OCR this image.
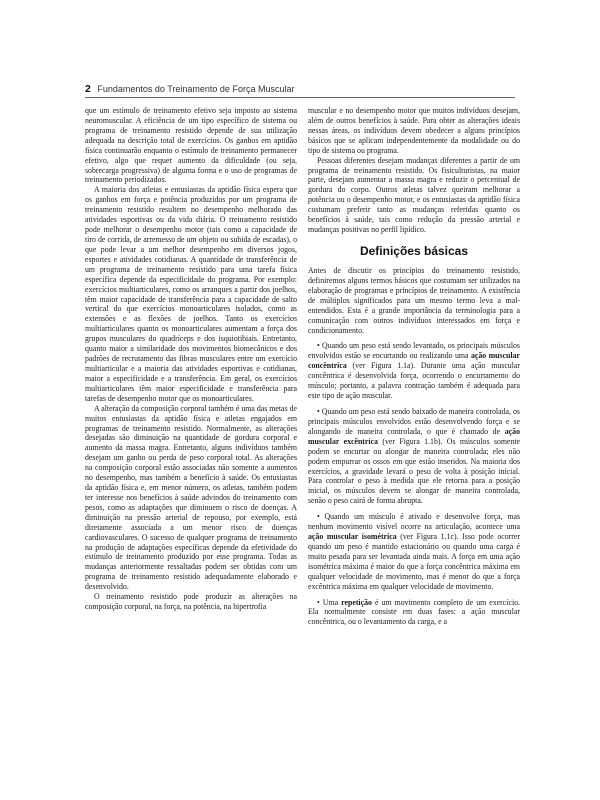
2 Fundamentos do Treinamento de Força Muscular

que um estímulo de treinamento efetivo seja imposto ao sistema neuromuscular. A eficiência de um tipo específico de sistema ou programa de treinamento resistido depende de sua utilização adequada na descrição total de exercícios. Os ganhos em aptidão física continuarão enquanto o estímulo de treinamento permanecer efetivo, algo que requer aumento da dificuldade (ou seja, sobrecarga progressiva) de alguma forma e o uso de programas de treinamento periodizados.

A maioria dos atletas e entusiastas da aptidão física espera que os ganhos em força e potência produzidos por um programa de treinamento resistido resultem no desempenho melhorado das atividades esportivas ou da vida diária. O treinamento resistido pode melhorar o desempenho motor (tais como a capacidade de tiro de corrida, de arremesso de um objeto ou subida de escadas), o que pode levar a um melhor desempenho em diversos jogos, esportes e atividades cotidianas. A quantidade de transferência de um programa de treinamento resistido para uma tarefa física específica depende da especificidade do programa. Por exemplo: exercícios multiarticulares, como os arranques a partir dos joelhos, têm maior capacidade de transferência para a capacidade de salto vertical do que exercícios monoarticulares isolados, como as extensões e as flexões de joelhos. Tanto os exercícios multiarticulares quanto os monoarticulares aumentam a força dos grupos musculares do quadríceps e dos isquiotibiais. Entretanto, quanto maior a similaridade dos movimentos biomecânicos e dos padrões de recrutamento das fibras musculares entre um exercício multiarticular e a maioria das atividades esportivas e cotidianas, maior a especificidade e a transferência. Em geral, os exercícios multiarticulares têm maior especificidade e transferência para tarefas de desempenho motor que os monoarticulares.

A alteração da composição corporal também é uma das metas de muitos entusiastas da aptidão física e atletas engajados em programas de treinamento resistido. Normalmente, as alterações desejadas são diminuição na quantidade de gordura corporal e aumento da massa magra. Entretanto, alguns indivíduos também desejam um ganho ou perda de peso corporal total. As alterações na composição corporal estão associadas não somente a aumentos no desempenho, mas também a benefício à saúde. Os entusiastas da aptidão física e, em menor número, os atletas, também podem ter interesse nos benefícios à saúde advindos do treinamento com pesos, como as adaptações que diminuem o risco de doenças. A diminuição na pressão arterial de repouso, por exemplo, está diretamente associada a um menor risco de doenças cardiovasculares. O sucesso de qualquer programa de treinamento na produção de adaptações específicas depende da efetividade do estímulo de treinamento produzido por esse programa. Todas as mudanças anteriormente ressaltadas podem ser obtidas com um programa de treinamento resistido adequadamente elaborado e desenvolvido.

O treinamento resistido pode produzir as alterações na composição corporal, na força, na potência, na hipertrofia

muscular e no desempenho motor que muitos indivíduos desejam, além de outros benefícios à saúde. Para obter as alterações ideais nessas áreas, os indivíduos devem obedecer a alguns princípios básicos que se aplicam independentemente da modalidade ou do tipo de sistema ou programa.

Pessoas diferentes desejam mudanças diferentes a partir de um programa de treinamento resistido. Os fisiculturistas, na maior parte, desejam aumentar a massa magra e reduzir o percentual de gordura do corpo. Outros atletas talvez queiram melhorar a potência ou o desempenho motor, e os entusiastas da aptidão física costumam preferir tanto as mudanças referidas quanto os benefícios à saúde, tais como redução da pressão arterial e mudanças positivas no perfil lipídico.

Definições básicas

Antes de discutir os princípios do treinamento resistido, definiremos alguns termos básicos que costumam ser utilizados na elaboração de programas e princípios de treinamento. A existência de múltiplos significados para um mesmo termo leva a mal-entendidos. Esta é a grande importância da terminologia para a comunicação com outros indivíduos interessados em força e condicionamento.

• Quando um peso está sendo levantado, os principais músculos envolvidos estão se encurtando ou realizando uma ação muscular concêntrica (ver Figura 1.1a). Durante uma ação muscular concêntrica é desenvolvida força, ocorrendo o encurtamento do músculo; portanto, a palavra contração também é adequada para este tipo de ação muscular.

• Quando um peso está sendo baixado de maneira controlada, os principais músculos envolvidos estão desenvolvendo força e se alongando de maneira controlada, o que é chamado de ação muscular excêntrica (ver Figura 1.1b). Os músculos somente podem se encurtar ou alongar de maneira controlada; eles não podem empurrar os ossos em que estão inseridos. Na maioria dos exercícios, a gravidade levará o peso de volta à posição inicial. Para controlar o peso à medida que ele retorna para a posição inicial, os músculos devem se alongar de maneira controlada, senão o peso cairá de forma abrupta.

• Quando um músculo é ativado e desenvolve força, mas nenhum movimento visível ocorre na articulação, acontece uma ação muscular isométrica (ver Figura 1.1c). Isso pode ocorrer quando um peso é mantido estacionário ou quando uma carga é muito pesada para ser levantada ainda mais. A força em uma ação isométrica máxima é maior do que a força concêntrica máxima em qualquer velocidade de movimento, mas é menor do que a força excêntrica máxima em qualquer velocidade de movimento.

• Uma repetição é um movimento completo de um exercício. Ela normalmente consiste em duas fases: a ação muscular concêntrica, ou o levantamento da carga, e a
